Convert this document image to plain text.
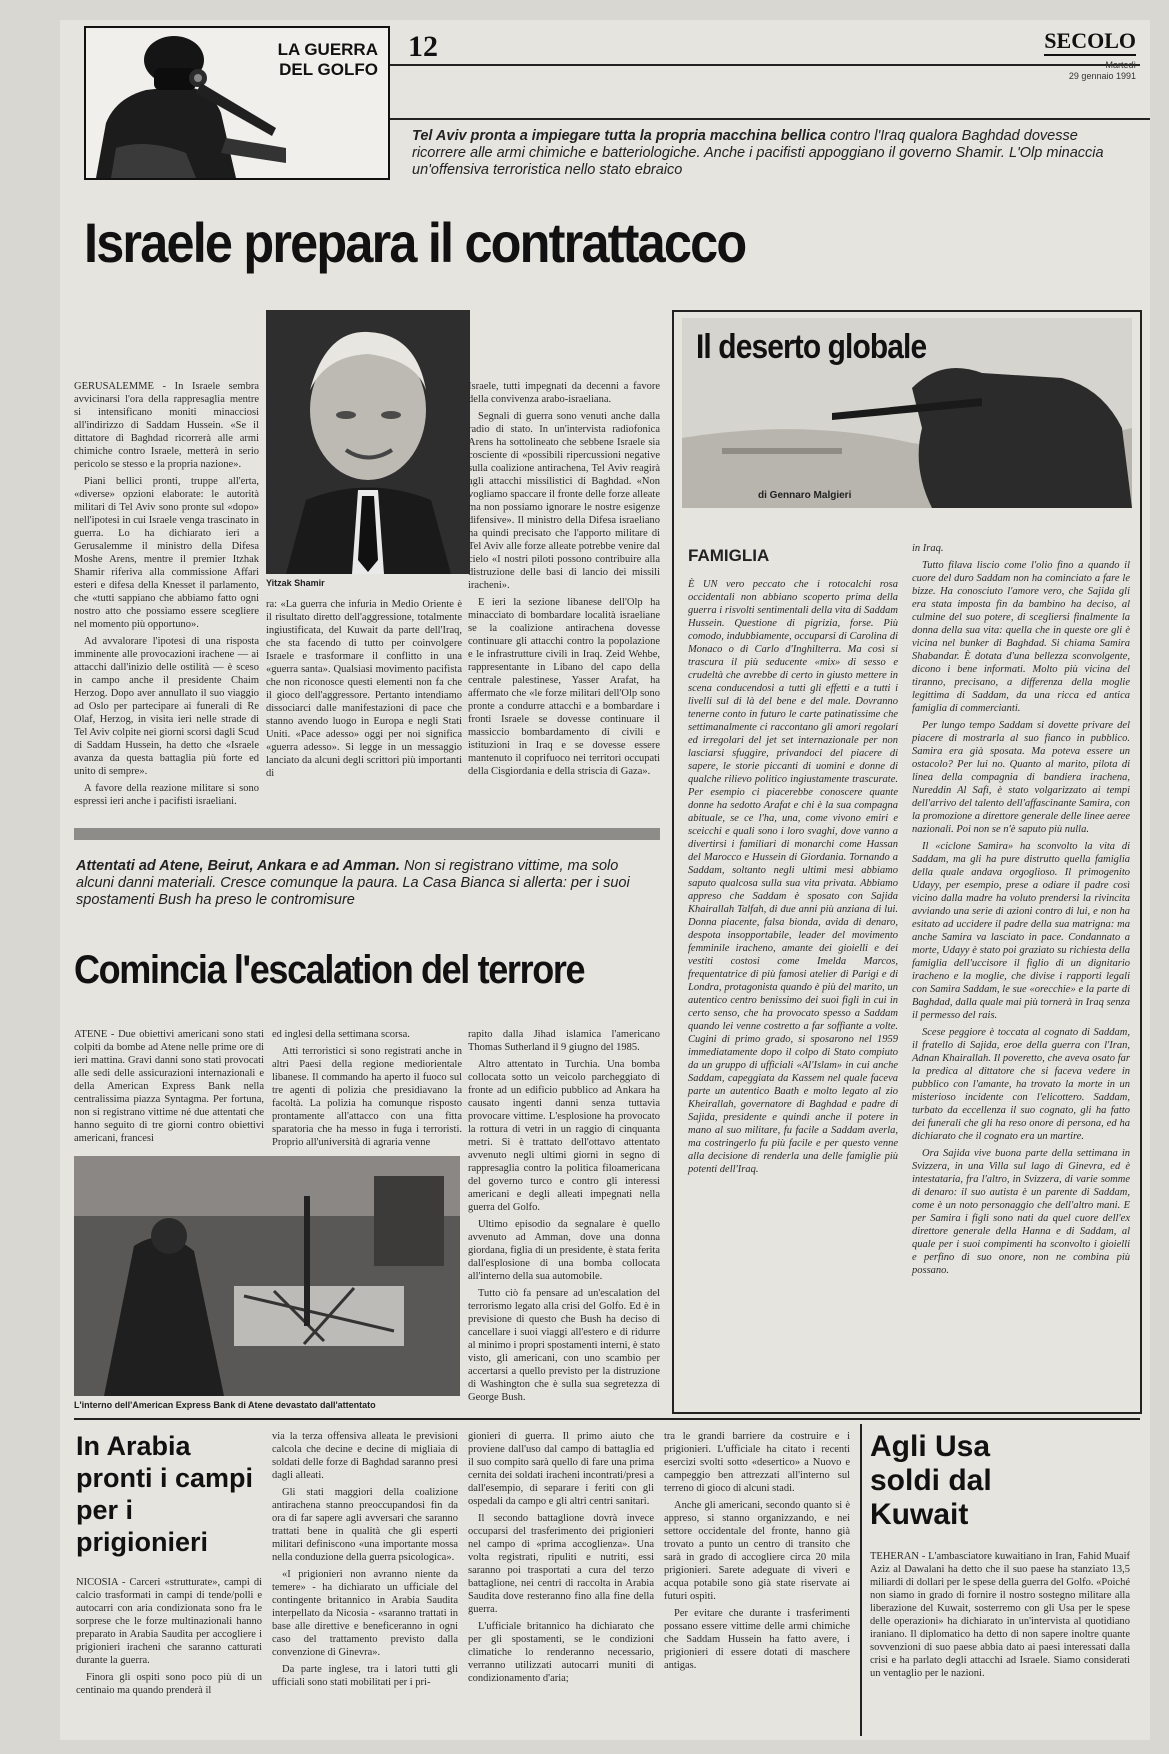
LA GUERRA DEL GOLFO
12	SECOLO
Martedì
29 gennaio 1991
Tel Aviv pronta a impiegare tutta la propria macchina bellica contro l'Iraq qualora Baghdad dovesse ricorrere alle armi chimiche e batteriologiche. Anche i pacifisti appoggiano il governo Shamir. L'Olp minaccia un'offensiva terroristica nello stato ebraico
Israele prepara il contrattacco
Yitzak Shamir

GERUSALEMME - In Israele sembra avvicinarsi l'ora della rappresaglia mentre si intensificano moniti minacciosi all'indirizzo di Saddam Hussein. «Se il dittatore di Baghdad ricorrerà alle armi chimiche contro Israele, metterà in serio pericolo se stesso e la propria nazione».

Piani bellici pronti, truppe all'erta, «diverse» opzioni elaborate: le autorità militari di Tel Aviv sono pronte sul «dopo» nell'ipotesi in cui Israele venga trascinato in guerra. Lo ha dichiarato ieri a Gerusalemme il ministro della Difesa Moshe Arens, mentre il premier Itzhak Shamir riferiva alla commissione Affari esteri e difesa della Knesset il parlamento, che «tutti sappiano che abbiamo fatto ogni nostro atto che possiamo essere scegliere nel momento più opportuno».

Ad avvalorare l'ipotesi di una risposta imminente alle provocazioni irachene — ai attacchi dall'inizio delle ostilità — è sceso in campo anche il presidente Chaim Herzog. Dopo aver annullato il suo viaggio ad Oslo per partecipare ai funerali di Re Olaf, Herzog, in visita ieri nelle strade di Tel Aviv colpite nei giorni scorsi dagli Scud di Saddam Hussein, ha detto che «Israele avanza da questa battaglia più forte ed unito di sempre».

A favore della reazione militare si sono espressi ieri anche i pacifisti israeliani.

ra: «La guerra che infuria in Medio Oriente è il risultato diretto dell'aggressione, totalmente ingiustificata, del Kuwait da parte dell'Iraq, che sta facendo di tutto per coinvolgere Israele e trasformare il conflitto in una «guerra santa». Qualsiasi movimento pacifista che non riconosce questi elementi non fa che il gioco dell'aggressore. Pertanto intendiamo dissociarci dalle manifestazioni di pace che stanno avendo luogo in Europa e negli Stati Uniti. «Pace adesso» oggi per noi significa «guerra adesso». Si legge in un messaggio lanciato da alcuni degli scrittori più importanti di

Israele, tutti impegnati da decenni a favore della convivenza arabo-israeliana.

Segnali di guerra sono venuti anche dalla radio di stato. In un'intervista radiofonica Arens ha sottolineato che sebbene Israele sia cosciente di «possibili ripercussioni negative sulla coalizione antirachena, Tel Aviv reagirà agli attacchi missilistici di Baghdad. «Non vogliamo spaccare il fronte delle forze alleate ma non possiamo ignorare le nostre esigenze difensive». Il ministro della Difesa israeliano ha quindi precisato che l'apporto militare di Tel Aviv alle forze alleate potrebbe venire dal cielo «I nostri piloti possono contribuire alla distruzione delle basi di lancio dei missili iracheni».

E ieri la sezione libanese dell'Olp ha minacciato di bombardare località israeliane se la coalizione antirachena dovesse continuare gli attacchi contro la popolazione e le infrastrutture civili in Iraq. Zeid Wehbe, rappresentante in Libano del capo della centrale palestinese, Yasser Arafat, ha affermato che «le forze militari dell'Olp sono pronte a condurre attacchi e a bombardare i fronti Israele se dovesse continuare il massiccio bombardamento di civili e istituzioni in Iraq e se dovesse essere mantenuto il coprifuoco nei territori occupati della Cisgiordania e della striscia di Gaza».

Il deserto globale
di Gennaro Malgieri
FAMIGLIA

È UN vero peccato che i rotocalchi rosa occidentali non abbiano scoperto prima della guerra i risvolti sentimentali della vita di Saddam Hussein. Questione di pigrizia, forse. Più comodo, indubbiamente, occuparsi di Carolina di Monaco o di Carlo d'Inghilterra. Ma così si trascura il più seducente «mix» di sesso e crudeltà che avrebbe di certo in giusto mettere in scena conducendosi a tutti gli effetti e a tutti i livelli sul di là del bene e del male. Dovranno tenerne conto in futuro le carte patinatissime che settimanalmente ci raccontano gli amori regolari ed irregolari del jet set internazionale per non lasciarsi sfuggire, privandoci del piacere di sapere, le storie piccanti di uomini e donne di qualche rilievo politico ingiustamente trascurate. Per esempio ci piacerebbe conoscere quante donne ha sedotto Arafat e chi è la sua compagna abituale, se ce l'ha, una, come vivono emiri e sceicchi e quali sono i loro svaghi, dove vanno a divertirsi i familiari di monarchi come Hassan del Marocco e Hussein di Giordania. Tornando a Saddam, soltanto negli ultimi mesi abbiamo saputo qualcosa sulla sua vita privata. Abbiamo appreso che Saddam è sposato con Sajida Khairallah Talfah, di due anni più anziana di lui. Donna piacente, falsa bionda, avida di denaro, despota insopportabile, leader del movimento femminile iracheno, amante dei gioielli e dei vestiti costosi come Imelda Marcos, frequentatrice di più famosi atelier di Parigi e di Londra, protagonista quando è più del marito, un autentico centro benissimo dei suoi figli in cui in certo senso, che ha provocato spesso a Saddam quando lei venne costretto a far soffiante a volte. Cugini di primo grado, si sposarono nel 1959 immediatamente dopo il colpo di Stato compiuto da un gruppo di ufficiali «Al'Islam» in cui anche Saddam, capeggiata da Kassem nel quale faceva parte un autentico Baath e molto legato al zio Kheirallah, governatore di Baghdad e padre di Sajida, presidente e quindi anche il potere in mano al suo militare, fu facile a Saddam averla, ma costringerlo fu più facile e per questo venne alla decisione di renderla una delle famiglie più potenti dell'Iraq.

in Iraq.

Tutto filava liscio come l'olio fino a quando il cuore del duro Saddam non ha cominciato a fare le bizze. Ha conosciuto l'amore vero, che Sajida gli era stata imposta fin da bambino ha deciso, al culmine del suo potere, di scegliersi finalmente la donna della sua vita: quella che in queste ore gli è vicina nel bunker di Baghdad. Si chiama Samira Shabandar. È dotata d'una bellezza sconvolgente, dicono i bene informati. Molto più vicina del tiranno, precisano, a differenza della moglie legittima di Saddam, da una ricca ed antica famiglia di commercianti.

Per lungo tempo Saddam si dovette privare del piacere di mostrarla al suo fianco in pubblico. Samira era già sposata. Ma poteva essere un ostacolo? Per lui no. Quanto al marito, pilota di linea della compagnia di bandiera irachena, Nureddin Al Safi, è stato volgarizzato ai tempi dell'arrivo del talento dell'affascinante Samira, con la promozione a direttore generale delle linee aeree nazionali. Poi non se n'è saputo più nulla.

Il «ciclone Samira» ha sconvolto la vita di Saddam, ma gli ha pure distrutto quella famiglia della quale andava orgoglioso. Il primogenito Udayy, per esempio, prese a odiare il padre così vicino dalla madre ha voluto prendersi la rivincita avviando una serie di azioni contro di lui, e non ha esitato ad uccidere il padre della sua matrigna: ma anche Samira va lasciato in pace. Condannato a morte, Udayy è stato poi graziato su richiesta della famiglia dell'uccisore il figlio di un dignitario iracheno e la moglie, che divise i rapporti legali con Samira Saddam, le sue «orecchie» e la parte di Baghdad, dalla quale mai più tornerà in Iraq senza il permesso del rais.

Scese peggiore è toccata al cognato di Saddam, il fratello di Sajida, eroe della guerra con l'Iran, Adnan Khairallah. Il poveretto, che aveva osato far la predica al dittatore che si faceva vedere in pubblico con l'amante, ha trovato la morte in un misterioso incidente con l'elicottero. Saddam, turbato da eccellenza il suo cognato, gli ha fatto dei funerali che gli ha reso onore di persona, ed ha dichiarato che il cognato era un martire.

Ora Sajida vive buona parte della settimana in Svizzera, in una Villa sul lago di Ginevra, ed è intestataria, fra l'altro, in Svizzera, di varie somme di denaro: il suo autista è un parente di Saddam, come è un noto personaggio che dell'altro mani. E per Samira i figli sono nati da quel cuore dell'ex direttore generale della Hanna e di Saddam, al quale per i suoi compimenti ha sconvolto i gioielli e perfino di suo onore, non ne combina più possano.

Attentati ad Atene, Beirut, Ankara e ad Amman. Non si registrano vittime, ma solo alcuni danni materiali. Cresce comunque la paura. La Casa Bianca si allerta: per i suoi spostamenti Bush ha preso le contromisure
Comincia l'escalation del terrore

ATENE - Due obiettivi americani sono stati colpiti da bombe ad Atene nelle prime ore di ieri mattina. Gravi danni sono stati provocati alle sedi delle assicurazioni internazionali e della American Express Bank nella centralissima piazza Syntagma. Per fortuna, non si registrano vittime né due attentati che hanno seguito di tre giorni contro obiettivi americani, francesi

ed inglesi della settimana scorsa.

Atti terroristici si sono registrati anche in altri Paesi della regione mediorientale libanese. Il commando ha aperto il fuoco sul tre agenti di polizia che presidiavano la facoltà. La polizia ha comunque risposto prontamente all'attacco con una fitta sparatoria che ha messo in fuga i terroristi. Proprio all'università di agraria venne

L'interno dell'American Express Bank di Atene devastato dall'attentato

rapito dalla Jihad islamica l'americano Thomas Sutherland il 9 giugno del 1985.

Altro attentato in Turchia. Una bomba collocata sotto un veicolo parcheggiato di fronte ad un edificio pubblico ad Ankara ha causato ingenti danni senza tuttavia provocare vittime. L'esplosione ha provocato la rottura di vetri in un raggio di cinquanta metri. Si è trattato dell'ottavo attentato avvenuto negli ultimi giorni in segno di rappresaglia contro la politica filoamericana del governo turco e contro gli interessi americani e degli alleati impegnati nella guerra del Golfo.

Ultimo episodio da segnalare è quello avvenuto ad Amman, dove una donna giordana, figlia di un presidente, è stata ferita dall'esplosione di una bomba collocata all'interno della sua automobile.

Tutto ciò fa pensare ad un'escalation del terrorismo legato alla crisi del Golfo. Ed è in previsione di questo che Bush ha deciso di cancellare i suoi viaggi all'estero e di ridurre al minimo i propri spostamenti interni, è stato visto, gli americani, con uno scambio per accertarsi a quello previsto per la distruzione di Washington che è sulla sua segretezza di George Bush.

In Arabia pronti i campi per i prigionieri

NICOSIA - Carceri «strutturate», campi di calcio trasformati in campi di tende/polli e autocarri con aria condizionata sono fra le sorprese che le forze multinazionali hanno preparato in Arabia Saudita per accogliere i prigionieri iracheni che saranno catturati durante la guerra.

Finora gli ospiti sono poco più di un centinaio ma quando prenderà il

via la terza offensiva alleata le previsioni calcola che decine e decine di migliaia di soldati delle forze di Baghdad saranno presi dagli alleati.

Gli stati maggiori della coalizione antirachena stanno preoccupandosi fin da ora di far sapere agli avversari che saranno trattati bene in qualità che gli esperti militari definiscono «una importante mossa nella conduzione della guerra psicologica».

«I prigionieri non avranno niente da temere» - ha dichiarato un ufficiale del contingente britannico in Arabia Saudita interpellato da Nicosia - «saranno trattati in base alle direttive e beneficeranno in ogni caso del trattamento previsto dalla convenzione di Ginevra».

Da parte inglese, tra i latori tutti gli ufficiali sono stati mobilitati per i pri-

gionieri di guerra. Il primo aiuto che proviene dall'uso dal campo di battaglia ed il suo compito sarà quello di fare una prima cernita dei soldati iracheni incontrati/presi a dall'esempio, di separare i feriti con gli ospedali da campo e gli altri centri sanitari.

Il secondo battaglione dovrà invece occuparsi del trasferimento dei prigionieri nel campo di «prima accoglienza». Una volta registrati, ripuliti e nutriti, essi saranno poi trasportati a cura del terzo battaglione, nei centri di raccolta in Arabia Saudita dove resteranno fino alla fine della guerra.

L'ufficiale britannico ha dichiarato che per gli spostamenti, se le condizioni climatiche lo renderanno necessario, verranno utilizzati autocarri muniti di condizionamento d'aria;

tra le grandi barriere da costruire e i prigionieri. L'ufficiale ha citato i recenti esercizi svolti sotto «desertico» a Nuovo e campeggio ben attrezzati all'interno sul terreno di gioco di alcuni stadi.

Anche gli americani, secondo quanto si è appreso, si stanno organizzando, e nei settore occidentale del fronte, hanno già trovato a punto un centro di transito che sarà in grado di accogliere circa 20 mila prigionieri. Sarete adeguate di viveri e acqua potabile sono già state riservate ai futuri ospiti.

Per evitare che durante i trasferimenti possano essere vittime delle armi chimiche che Saddam Hussein ha fatto avere, i prigionieri di essere dotati di maschere antigas.

Agli Usa soldi dal Kuwait

TEHERAN - L'ambasciatore kuwaitiano in Iran, Fahid Muaif Aziz al Dawalani ha detto che il suo paese ha stanziato 13,5 miliardi di dollari per le spese della guerra del Golfo. «Poiché non siamo in grado di fornire il nostro sostegno militare alla liberazione del Kuwait, sosterremo con gli Usa per le spese delle operazioni» ha dichiarato in un'intervista al quotidiano iraniano. Il diplomatico ha detto di non sapere inoltre quante sovvenzioni di suo paese abbia dato ai paesi interessati dalla crisi e ha parlato degli attacchi ad Israele. Siamo considerati un ventaglio per le nazioni.
